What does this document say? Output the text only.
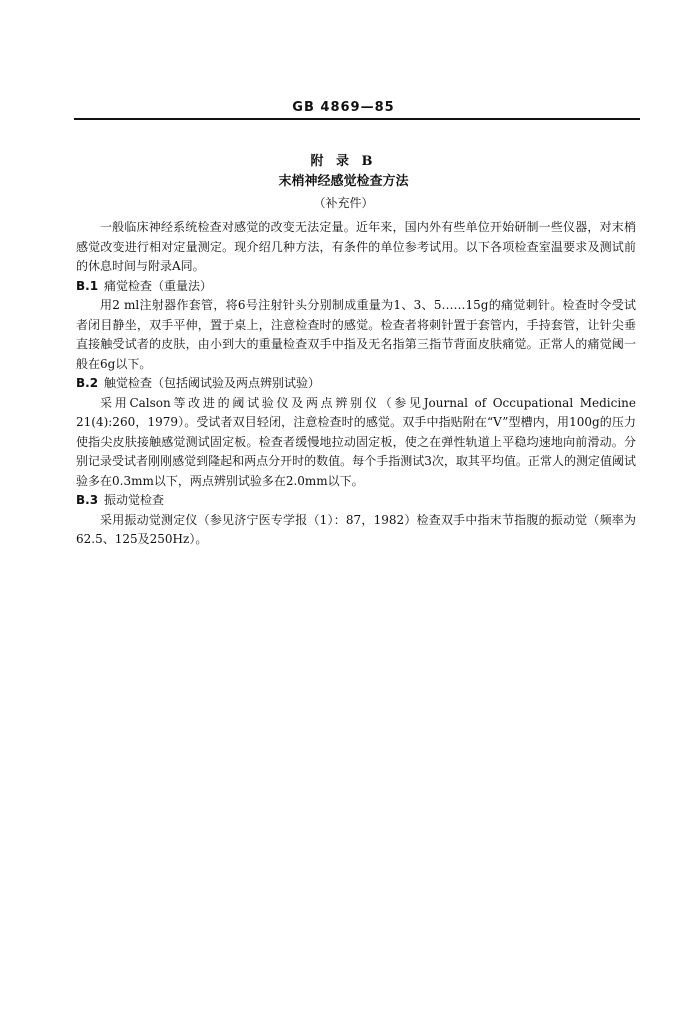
GB 4869—85
附 录 B
末梢神经感觉检查方法
（补充件）

一般临床神经系统检查对感觉的改变无法定量。近年来，国内外有些单位开始研制一些仪器，对末梢感觉改变进行相对定量测定。现介绍几种方法，有条件的单位参考试用。以下各项检查室温要求及测试前的休息时间与附录A同。

B.1 痛觉检查（重量法）

用2 ml注射器作套管，将6号注射针头分别制成重量为1、3、5……15g的痛觉刺针。检查时令受试者闭目静坐，双手平伸，置于桌上，注意检查时的感觉。检查者将刺针置于套管内，手持套管，让针尖垂直接触受试者的皮肤，由小到大的重量检查双手中指及无名指第三指节背面皮肤痛觉。正常人的痛觉阈一般在6g以下。

B.2 触觉检查（包括阈试验及两点辨别试验）

采用Calson等改进的阈试验仪及两点辨别仪（参见Journal of Occupational Medicine 21(4):260，1979）。受试者双目轻闭，注意检查时的感觉。双手中指贴附在“V”型槽内，用100g的压力使指尖皮肤接触感觉测试固定板。检查者缓慢地拉动固定板，使之在弹性轨道上平稳均速地向前滑动。分别记录受试者刚刚感觉到隆起和两点分开时的数值。每个手指测试3次，取其平均值。正常人的测定值阈试验多在0.3mm以下，两点辨别试验多在2.0mm以下。

B.3 振动觉检查

采用振动觉测定仪（参见济宁医专学报（1）：87，1982）检查双手中指末节指腹的振动觉（频率为62.5、125及250Hz）。
